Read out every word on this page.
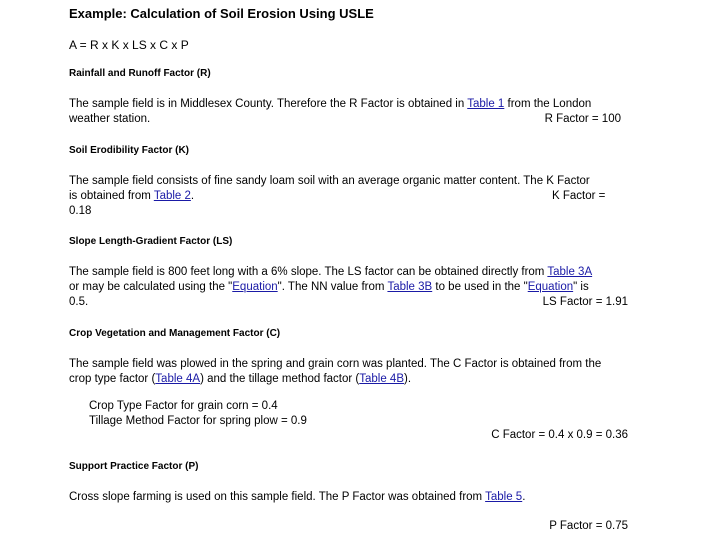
Example: Calculation of Soil Erosion Using USLE
A = R x K x LS x C x P
Rainfall and Runoff Factor (R)
The sample field is in Middlesex County. Therefore the R Factor is obtained in Table 1 from the London
weather station.	R Factor = 100
Soil Erodibility Factor (K)
The sample field consists of fine sandy loam soil with an average organic matter content. The K Factor
is obtained from Table 2.	K Factor =
0.18
Slope Length-Gradient Factor (LS)
The sample field is 800 feet long with a 6% slope. The LS factor can be obtained directly from Table 3A
or may be calculated using the "Equation". The NN value from Table 3B to be used in the "Equation" is
0.5.	LS Factor = 1.91
Crop Vegetation and Management Factor (C)
The sample field was plowed in the spring and grain corn was planted. The C Factor is obtained from the
crop type factor (Table 4A) and the tillage method factor (Table 4B).
Crop Type Factor for grain corn = 0.4
Tillage Method Factor for spring plow = 0.9
C Factor = 0.4 x 0.9 = 0.36
Support Practice Factor (P)
Cross slope farming is used on this sample field. The P Factor was obtained from Table 5.
P Factor = 0.75
